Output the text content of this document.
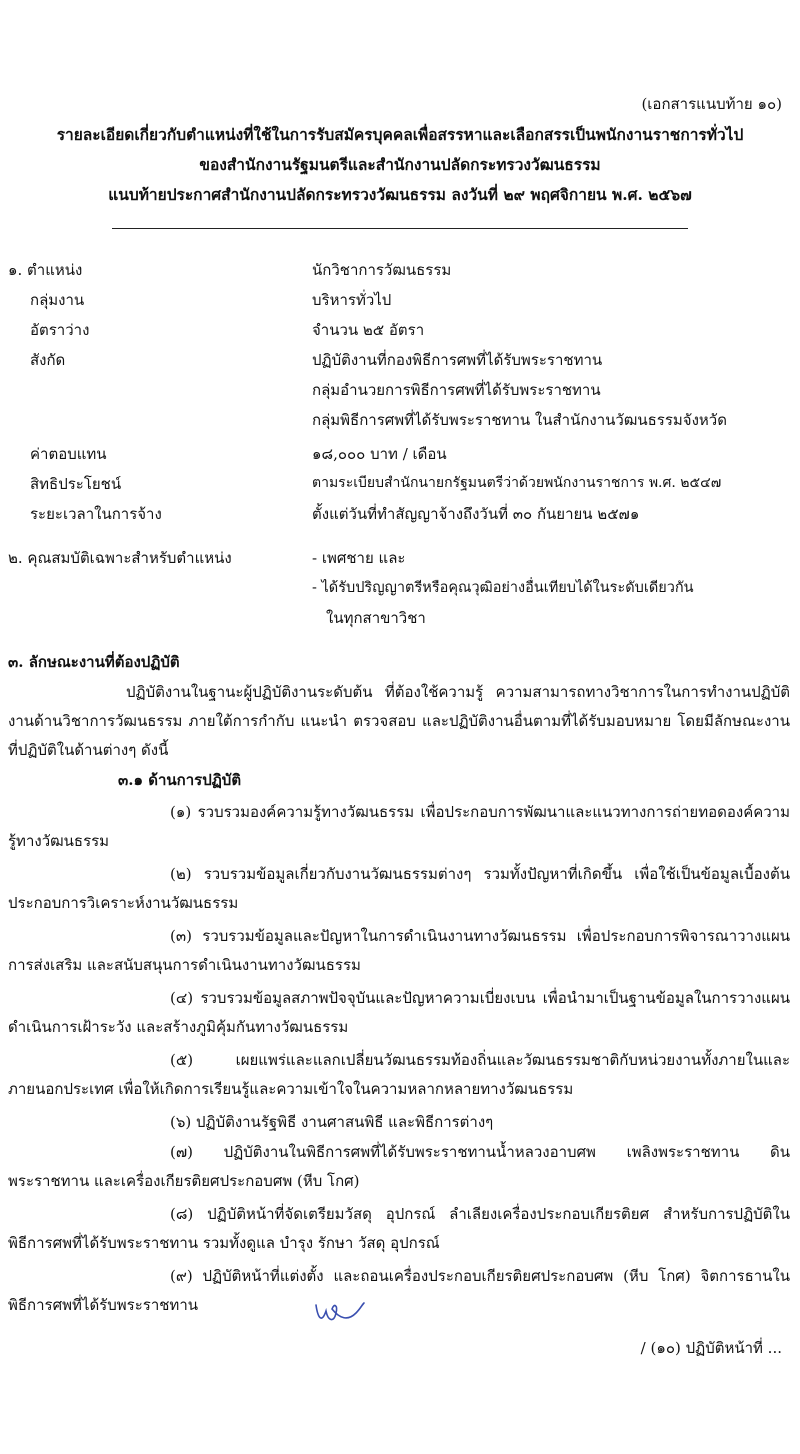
(เอกสารแนบท้าย ๑๐)
รายละเอียดเกี่ยวกับตำแหน่งที่ใช้ในการรับสมัครบุคคลเพื่อสรรหาและเลือกสรรเป็นพนักงานราชการทั่วไป
ของสำนักงานรัฐมนตรีและสำนักงานปลัดกระทรวงวัฒนธรรม
แนบท้ายประกาศสำนักงานปลัดกระทรวงวัฒนธรรม ลงวันที่ ๒๙ พฤศจิกายน พ.ศ. ๒๕๖๗
๑. ตำแหน่ง	นักวิชาการวัฒนธรรม
กลุ่มงาน	บริหารทั่วไป
อัตราว่าง	จำนวน ๒๕ อัตรา
สังกัด	ปฏิบัติงานที่กองพิธีการศพที่ได้รับพระราชทาน
กลุ่มอำนวยการพิธีการศพที่ได้รับพระราชทาน
กลุ่มพิธีการศพที่ได้รับพระราชทาน ในสำนักงานวัฒนธรรมจังหวัด
ค่าตอบแทน	๑๘,๐๐๐ บาท / เดือน
สิทธิประโยชน์	ตามระเบียบสำนักนายกรัฐมนตรีว่าด้วยพนักงานราชการ พ.ศ. ๒๕๔๗
ระยะเวลาในการจ้าง	ตั้งแต่วันที่ทำสัญญาจ้างถึงวันที่ ๓๐ กันยายน ๒๕๗๑
๒. คุณสมบัติเฉพาะสำหรับตำแหน่ง	- เพศชาย และ
- ได้รับปริญญาตรีหรือคุณวุฒิอย่างอื่นเทียบได้ในระดับเดียวกัน
ในทุกสาขาวิชา
๓. ลักษณะงานที่ต้องปฏิบัติ
ปฏิบัติงานในฐานะผู้ปฏิบัติงานระดับต้น ที่ต้องใช้ความรู้ ความสามารถทางวิชาการในการทำงานปฏิบัติงานด้านวิชาการวัฒนธรรม ภายใต้การกำกับ แนะนำ ตรวจสอบ และปฏิบัติงานอื่นตามที่ได้รับมอบหมาย โดยมีลักษณะงานที่ปฏิบัติในด้านต่างๆ ดังนี้
๓.๑ ด้านการปฏิบัติ
(๑) รวบรวมองค์ความรู้ทางวัฒนธรรม เพื่อประกอบการพัฒนาและแนวทางการถ่ายทอดองค์ความรู้ทางวัฒนธรรม
(๒) รวบรวมข้อมูลเกี่ยวกับงานวัฒนธรรมต่างๆ รวมทั้งปัญหาที่เกิดขึ้น เพื่อใช้เป็นข้อมูลเบื้องต้นประกอบการวิเคราะห์งานวัฒนธรรม
(๓) รวบรวมข้อมูลและปัญหาในการดำเนินงานทางวัฒนธรรม เพื่อประกอบการพิจารณาวางแผนการส่งเสริม และสนับสนุนการดำเนินงานทางวัฒนธรรม
(๔) รวบรวมข้อมูลสภาพปัจจุบันและปัญหาความเบี่ยงเบน เพื่อนำมาเป็นฐานข้อมูลในการวางแผนดำเนินการเฝ้าระวัง และสร้างภูมิคุ้มกันทางวัฒนธรรม
(๕) เผยแพร่และแลกเปลี่ยนวัฒนธรรมท้องถิ่นและวัฒนธรรมชาติกับหน่วยงานทั้งภายในและภายนอกประเทศ เพื่อให้เกิดการเรียนรู้และความเข้าใจในความหลากหลายทางวัฒนธรรม
(๖) ปฏิบัติงานรัฐพิธี งานศาสนพิธี และพิธีการต่างๆ
(๗) ปฏิบัติงานในพิธีการศพที่ได้รับพระราชทานน้ำหลวงอาบศพ เพลิงพระราชทาน ดินพระราชทาน และเครื่องเกียรติยศประกอบศพ (หีบ โกศ)
(๘) ปฏิบัติหน้าที่จัดเตรียมวัสดุ อุปกรณ์ ลำเลียงเครื่องประกอบเกียรติยศ สำหรับการปฏิบัติในพิธีการศพที่ได้รับพระราชทาน รวมทั้งดูแล บำรุง รักษา วัสดุ อุปกรณ์
(๙) ปฏิบัติหน้าที่แต่งตั้ง และถอนเครื่องประกอบเกียรติยศประกอบศพ (หีบ โกศ) จิตการธานในพิธีการศพที่ได้รับพระราชทาน
/ (๑๐) ปฏิบัติหน้าที่ ...
